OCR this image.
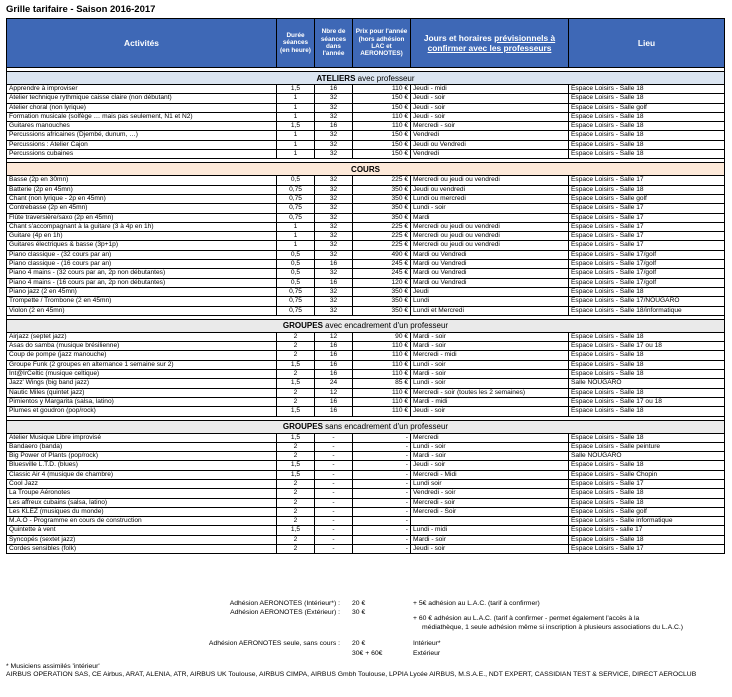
Grille tarifaire - Saison 2016-2017
Activités	Durée séances (en heure)	Nbre de séances dans l'année	Prix pour l'année (hors adhésion LAC et AERONOTES)	Jours et horaires prévisionnels à confirmer avec les professeurs	Lieu

ATELIERS avec professeur					
Apprendre à improviser	1,5	16	110 €	Jeudi - midi	Espace Loisirs - Salle 18
Atelier technique rythmique caisse claire (non débutant)	1	32	150 €	Jeudi - soir	Espace Loisirs - Salle 18
Atelier choral (non lyrique)	1	32	150 €	Jeudi - soir	Espace Loisirs - Salle golf
Formation musicale (solfège … mais pas seulement, N1 et N2)	1	32	110 €	Jeudi - soir	Espace Loisirs - Salle 18
Guitares manouches	1,5	16	110 €	Mercredi - soir	Espace Loisirs - Salle 18
Percussions africaines (Djembé, dunum, …)	1	32	150 €	Vendredi	Espace Loisirs - Salle 18
Percussions : Atelier Cajon	1	32	150 €	Jeudi ou Vendredi	Espace Loisirs - Salle 18
Percussions cubaines	1	32	150 €	Vendredi	Espace Loisirs - Salle 18

COURS					
Basse (2p en 30mn)	0,5	32	225 €	Mercredi ou jeudi ou vendredi	Espace Loisirs - Salle 17
Batterie (2p en 45mn)	0,75	32	350 €	Jeudi ou vendredi	Espace Loisirs - Salle 18
Chant (non lyrique - 2p en 45mn)	0,75	32	350 €	Lundi ou mercredi	Espace Loisirs - Salle golf
Contrebasse (2p en 45mn)	0,75	32	350 €	Lundi - soir	Espace Loisirs - Salle 17
Flûte traversière/saxo (2p en 45mn)	0,75	32	350 €	Mardi	Espace Loisirs - Salle 17
Chant s'accompagnant à la guitare (3 à 4p en 1h)	1	32	225 €	Mercredi ou jeudi ou vendredi	Espace Loisirs - Salle 17
Guitare (4p en 1h)	1	32	225 €	Mercredi ou jeudi ou vendredi	Espace Loisirs - Salle 17
Guitares électriques & basse (3p+1p)	1	32	225 €	Mercredi ou jeudi ou vendredi	Espace Loisirs - Salle 17
Piano classique - (32 cours par an)	0,5	32	490 €	Mardi ou Vendredi	Espace Loisirs - Salle 17/golf
Piano classique - (16 cours par an)	0,5	16	245 €	Mardi ou Vendredi	Espace Loisirs - Salle 17/golf
Piano 4 mains - (32 cours par an, 2p non débutantes)	0,5	32	245 €	Mardi ou Vendredi	Espace Loisirs - Salle 17/golf
Piano 4 mains - (16 cours par an, 2p non débutantes)	0,5	16	120 €	Mardi ou Vendredi	Espace Loisirs - Salle 17/golf
Piano jazz (2 en 45mn)	0,75	32	350 €	Jeudi	Espace Loisirs - Salle 18
Trompette / Trombone (2 en 45mn)	0,75	32	350 €	Lundi	Espace Loisirs - Salle 17/NOUGARO
Violon (2 en 45mn)	0,75	32	350 €	Lundi et Mercredi	Espace Loisirs - Salle 18/informatique

GROUPES avec encadrement d'un professeur					
Airjazz (septet jazz)	2	12	90 €	Mardi - soir	Espace Loisirs - Salle 18
Asas do samba (musique brésilienne)	2	16	110 €	Mardi - soir	Espace Loisirs - Salle 17 ou 18
Coup de pompe (jazz manouche)	2	16	110 €	Mercredi - midi	Espace Loisirs - Salle 18
Groupe Funk (2 groupes en alternance 1 semaine sur 2)	1,5	16	110 €	Lundi - soir	Espace Loisirs - Salle 18
Int@IrCeltic (musique celtique)	2	16	110 €	Mardi - soir	Espace Loisirs - Salle 18
Jazz' Wings (big band jazz)	1,5	24	85 €	Lundi - soir	Salle NOUGARO
Nautic Miles (quintet jazz)	2	12	110 €	Mercredi - soir (toutes les 2 semaines)	Espace Loisirs - Salle 18
Pimientos y Margarita (salsa, latino)	2	16	110 €	Mardi - midi	Espace Loisirs - Salle 17 ou 18
Plumes et goudron (pop/rock)	1,5	16	110 €	Jeudi - soir	Espace Loisirs - Salle 18

GROUPES sans encadrement d'un professeur					
Atelier Musique Libre improvisé	1,5	-	-	Mercredi	Espace Loisirs - Salle 18
Bandaero (banda)	2	-	-	Lundi - soir	Espace Loisirs - Salle peinture
Big Power of Plants (pop/rock)	2	-	-	Mardi - soir	Salle NOUGARO
Bluesville L.T.D. (blues)	1,5	-	-	Jeudi - soir	Espace Loisirs - Salle 18
Classic Air 4 (musique de chambre)	1,5	-	-	Mercredi - Midi	Espace Loisirs - Salle Chopin
Cool Jazz	2	-	-	Lundi soir	Espace Loisirs - Salle 17
La Troupe Aéronotes	2	-	-	Vendredi - soir	Espace Loisirs - Salle 18
Les affreux cubains (salsa, latino)	2	-	-	Mercredi - soir	Espace Loisirs - Salle 18
Les KLEZ (musiques du monde)	2	-	-	Mercredi - Soir	Espace Loisirs - Salle golf
M.A.O - Programme en cours de construction	2	-	-		Espace Loisirs - Salle informatique
Quintette à vent	1,5	-	-	Lundi - midi	Espace Loisirs - salle 17
Syncopés (sextet jazz)	2	-	-	Mardi - soir	Espace Loisirs - Salle 18
Cordes sensibles (folk)	2	-	-	Jeudi - soir	Espace Loisirs - Salle 17
Adhésion AERONOTES (Intérieur*) : 20 €	+ 5€ adhésion au L.A.C. (tarif à confirmer)
Adhésion AERONOTES (Extérieur) : 30 €
+ 60 € adhésion au L.A.C. (tarif à confirmer - permet également l'accès à la
médiathèque, 1 seule adhésion même si inscription à plusieurs associations du L.A.C.)
Adhésion AERONOTES seule, sans cours : 20 €	Intérieur*
30€ + 60€	Extérieur
* Musiciens assimilés 'intérieur'
AIRBUS OPERATION SAS, CE Airbus, ARAT, ALENIA, ATR, AIRBUS UK Toulouse, AIRBUS CIMPA, AIRBUS Gmbh Toulouse, LPPIA Lycée AIRBUS, M.S.A.E., NDT EXPERT, CASSIDIAN TEST & SERVICE, DIRECT AEROCLUB
